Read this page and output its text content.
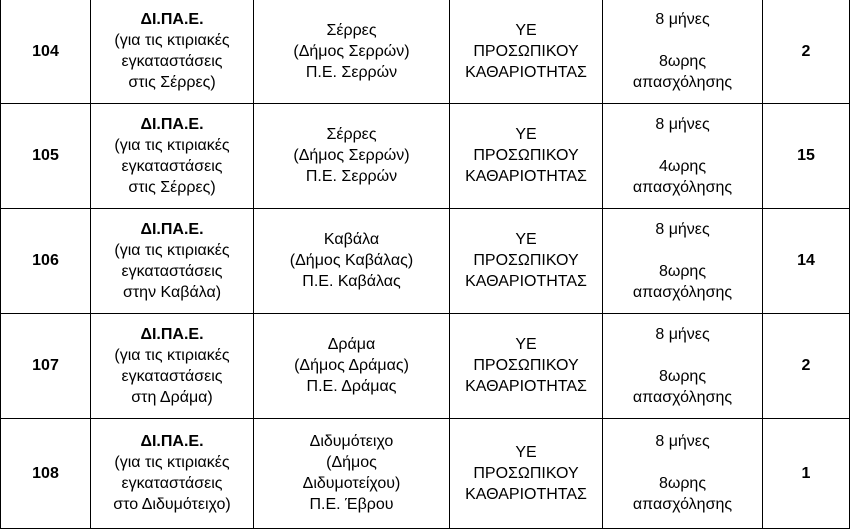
104	ΔΙ.ΠΑ.Ε.
(για τις κτιριακές
εγκαταστάσεις
στις Σέρρες)	Σέρρες
(Δήμος Σερρών)
Π.Ε. Σερρών	ΥΕ
ΠΡΟΣΩΠΙΚΟΥ
ΚΑΘΑΡΙΟΤΗΤΑΣ	8 μήνες
8ωρης
απασχόλησης	2
105	ΔΙ.ΠΑ.Ε.
(για τις κτιριακές
εγκαταστάσεις
στις Σέρρες)	Σέρρες
(Δήμος Σερρών)
Π.Ε. Σερρών	ΥΕ
ΠΡΟΣΩΠΙΚΟΥ
ΚΑΘΑΡΙΟΤΗΤΑΣ	8 μήνες
4ωρης
απασχόλησης	15
106	ΔΙ.ΠΑ.Ε.
(για τις κτιριακές
εγκαταστάσεις
στην Καβάλα)	Καβάλα
(Δήμος Καβάλας)
Π.Ε. Καβάλας	ΥΕ
ΠΡΟΣΩΠΙΚΟΥ
ΚΑΘΑΡΙΟΤΗΤΑΣ	8 μήνες
8ωρης
απασχόλησης	14
107	ΔΙ.ΠΑ.Ε.
(για τις κτιριακές
εγκαταστάσεις
στη Δράμα)	Δράμα
(Δήμος Δράμας)
Π.Ε. Δράμας	ΥΕ
ΠΡΟΣΩΠΙΚΟΥ
ΚΑΘΑΡΙΟΤΗΤΑΣ	8 μήνες
8ωρης
απασχόλησης	2
108	ΔΙ.ΠΑ.Ε.
(για τις κτιριακές
εγκαταστάσεις
στο Διδυμότειχο)	Διδυμότειχο
(Δήμος
Διδυμοτείχου)
Π.Ε. Έβρου	ΥΕ
ΠΡΟΣΩΠΙΚΟΥ
ΚΑΘΑΡΙΟΤΗΤΑΣ	8 μήνες
8ωρης
απασχόλησης	1
